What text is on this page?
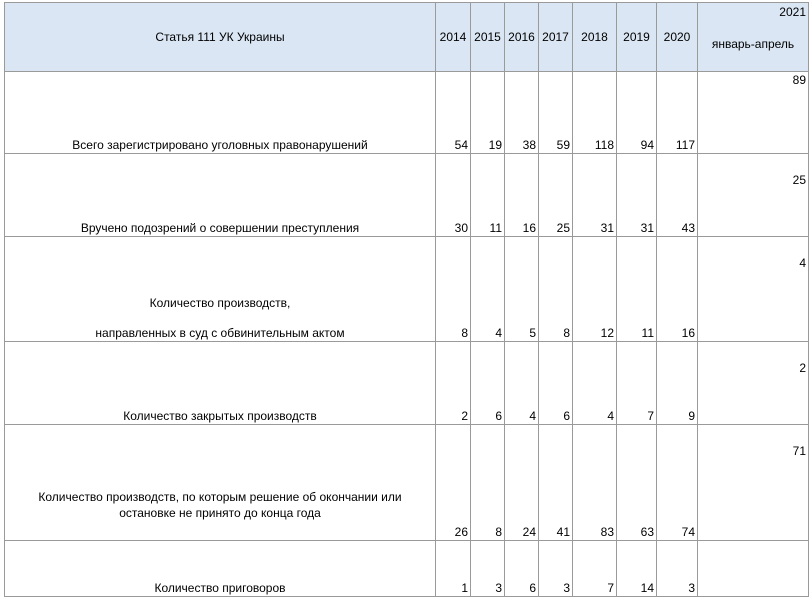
Статья 111 УК Украины	2014	2015	2016	2017	2018	2019	2020	2021
январь-апрель

Всего зарегистрировано уголовных правонарушений	54	19	38	59	118	94	117	89
Вручено подозрений о совершении преступления	30	11	16	25	31	31	43	25

Количество производств,
направленных в суд с обвинительным актом	8	4	5	8	12	11	16	4
Количество закрытых производств	2	6	4	6	4	7	9	2

Количество производств, по которым решение об окончании или
остановке не принято до конца года	26	8	24	41	83	63	74	71
Количество приговоров	1	3	6	3	7	14	3	
